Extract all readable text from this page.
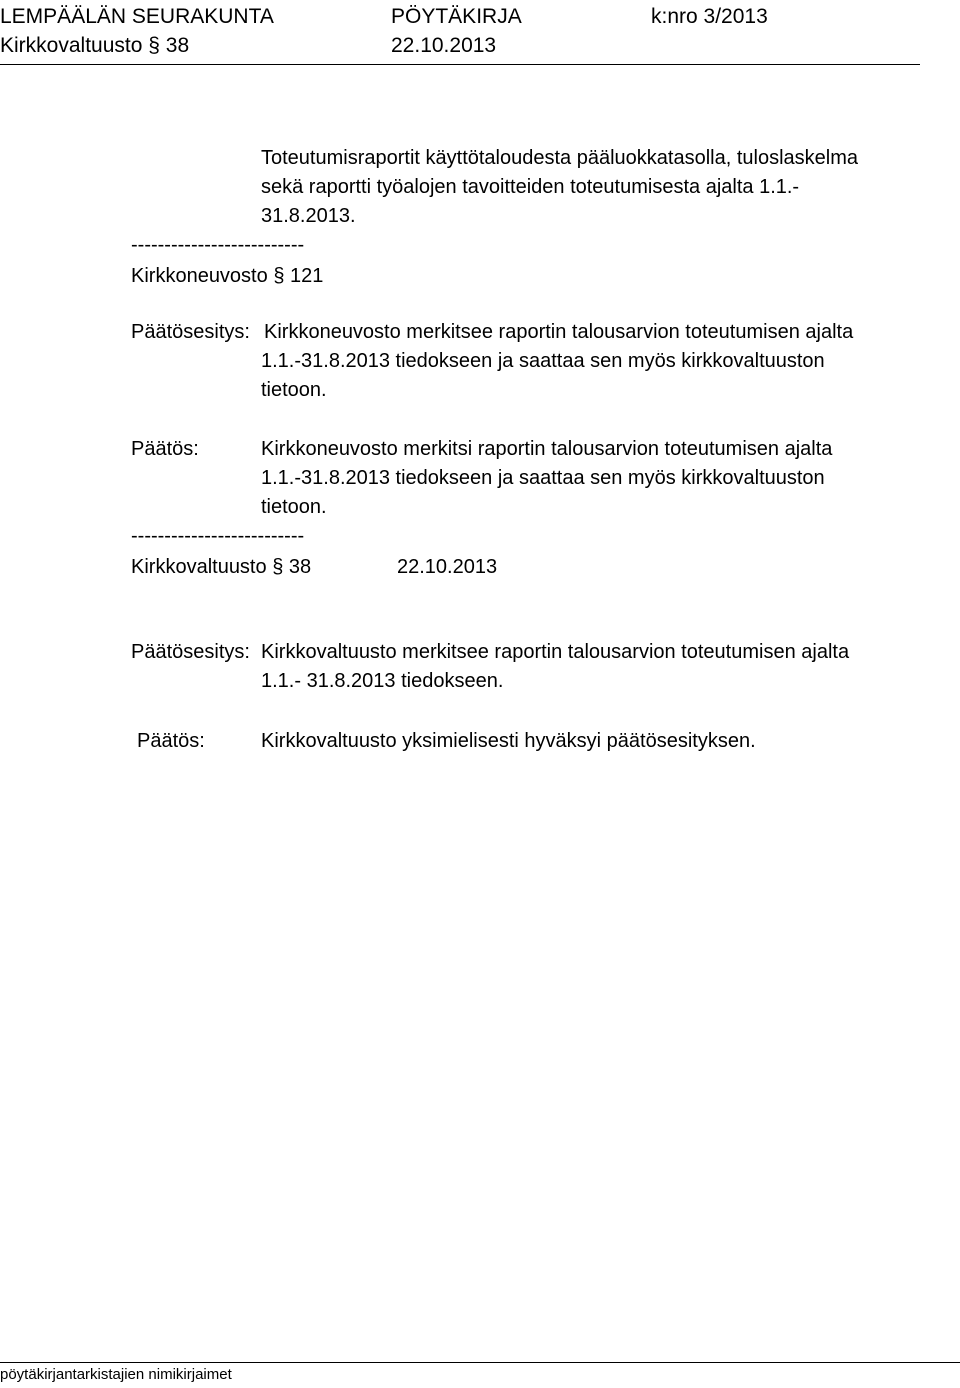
LEMPÄÄLÄN SEURAKUNTA	PÖYTÄKIRJA	k:nro 3/2013
Kirkkovaltuusto § 38	22.10.2013
Toteutumisraportit käyttötaloudesta pääluokkatasolla, tuloslaskelma
sekä raportti työalojen tavoitteiden toteutumisesta ajalta 1.1.-
31.8.2013.
--------------------------
Kirkkoneuvosto § 121
Päätösesitys: Kirkkoneuvosto merkitsee raportin talousarvion toteutumisen ajalta
1.1.-31.8.2013 tiedokseen ja saattaa sen myös kirkkovaltuuston
tietoon.
Päätös:	Kirkkoneuvosto merkitsi raportin talousarvion toteutumisen ajalta
1.1.-31.8.2013 tiedokseen ja saattaa sen myös kirkkovaltuuston
tietoon.
--------------------------
Kirkkovaltuusto § 38	22.10.2013
Päätösesitys: Kirkkovaltuusto merkitsee raportin talousarvion toteutumisen ajalta
1.1.- 31.8.2013 tiedokseen.
Päätös:	Kirkkovaltuusto yksimielisesti hyväksyi päätösesityksen.
pöytäkirjantarkistajien nimikirjaimet
